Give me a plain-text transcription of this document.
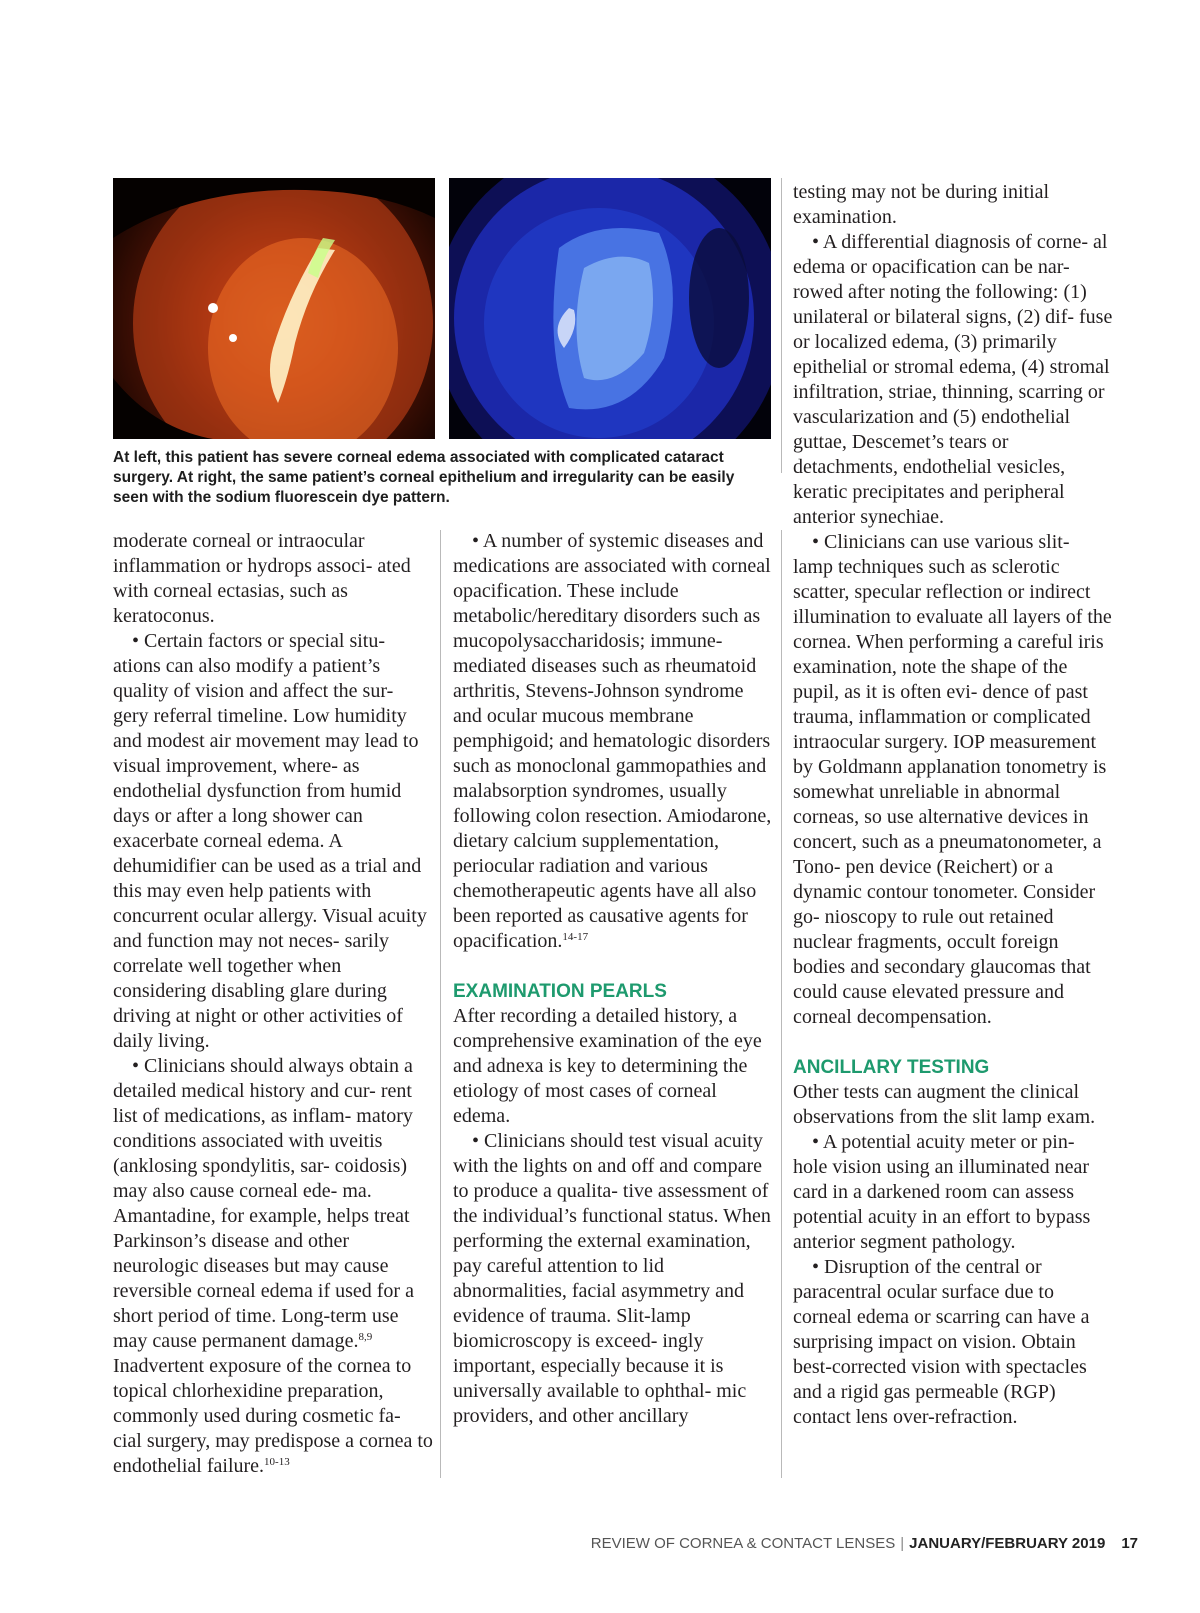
At left, this patient has severe corneal edema associated with complicated cataract surgery. At right, the same patient’s corneal epithelium and irregularity can be easily seen with the sodium fluorescein dye pattern.

moderate corneal or intraocular inflammation or hydrops associ- ated with corneal ectasias, such as keratoconus.

• Certain factors or special situ- ations can also modify a patient’s quality of vision and affect the sur- gery referral timeline. Low humidity and modest air movement may lead to visual improvement, where- as endothelial dysfunction from humid days or after a long shower can exacerbate corneal edema. A dehumidifier can be used as a trial and this may even help patients with concurrent ocular allergy. Visual acuity and function may not neces- sarily correlate well together when considering disabling glare during driving at night or other activities of daily living.

• Clinicians should always obtain a detailed medical history and cur- rent list of medications, as inflam- matory conditions associated with uveitis (anklosing spondylitis, sar- coidosis) may also cause corneal ede- ma. Amantadine, for example, helps treat Parkinson’s disease and other neurologic diseases but may cause reversible corneal edema if used for a short period of time. Long-term use may cause permanent damage.$^{8,9}$

Inadvertent exposure of the cornea to topical chlorhexidine preparation, commonly used during cosmetic fa- cial surgery, may predispose a cornea to endothelial failure.$^{10-13}$

• A number of systemic diseases and medications are associated with corneal opacification. These include metabolic/hereditary disorders such as mucopolysaccharidosis; immune-mediated diseases such as rheumatoid arthritis, Stevens-Johnson syndrome and ocular mucous membrane pemphigoid; and hematologic disorders such as monoclonal gammopathies and malabsorption syndromes, usually following colon resection. Amiodarone, dietary calcium supplementation, periocular radiation and various chemotherapeutic agents have all also been reported as causative agents for opacification.$^{14-17}$

EXAMINATION PEARLS

After recording a detailed history, a comprehensive examination of the eye and adnexa is key to determining the etiology of most cases of corneal edema.

• Clinicians should test visual acuity with the lights on and off and compare to produce a qualita- tive assessment of the individual’s functional status. When performing the external examination, pay careful attention to lid abnormalities, facial asymmetry and evidence of trauma. Slit-lamp biomicroscopy is exceed- ingly important, especially because it is universally available to ophthal- mic providers, and other ancillary

testing may not be during initial examination.

• A differential diagnosis of corne- al edema or opacification can be nar- rowed after noting the following: (1) unilateral or bilateral signs, (2) dif- fuse or localized edema, (3) primarily epithelial or stromal edema, (4) stromal infiltration, striae, thinning, scarring or vascularization and (5) endothelial guttae, Descemet’s tears or detachments, endothelial vesicles, keratic precipitates and peripheral anterior synechiae.

• Clinicians can use various slit- lamp techniques such as sclerotic scatter, specular reflection or indirect illumination to evaluate all layers of the cornea. When performing a careful iris examination, note the shape of the pupil, as it is often evi- dence of past trauma, inflammation or complicated intraocular surgery. IOP measurement by Goldmann applanation tonometry is somewhat unreliable in abnormal corneas, so use alternative devices in concert, such as a pneumatonometer, a Tono- pen device (Reichert) or a dynamic contour tonometer. Consider go- nioscopy to rule out retained nuclear fragments, occult foreign bodies and secondary glaucomas that could cause elevated pressure and corneal decompensation.

ANCILLARY TESTING

Other tests can augment the clinical observations from the slit lamp exam.

• A potential acuity meter or pin- hole vision using an illuminated near card in a darkened room can assess potential acuity in an effort to bypass anterior segment pathology.

• Disruption of the central or paracentral ocular surface due to corneal edema or scarring can have a surprising impact on vision. Obtain best-corrected vision with spectacles and a rigid gas permeable (RGP) contact lens over-refraction.

REVIEW OF CORNEA & CONTACT LENSES | JANUARY/FEBRUARY 2019 17
